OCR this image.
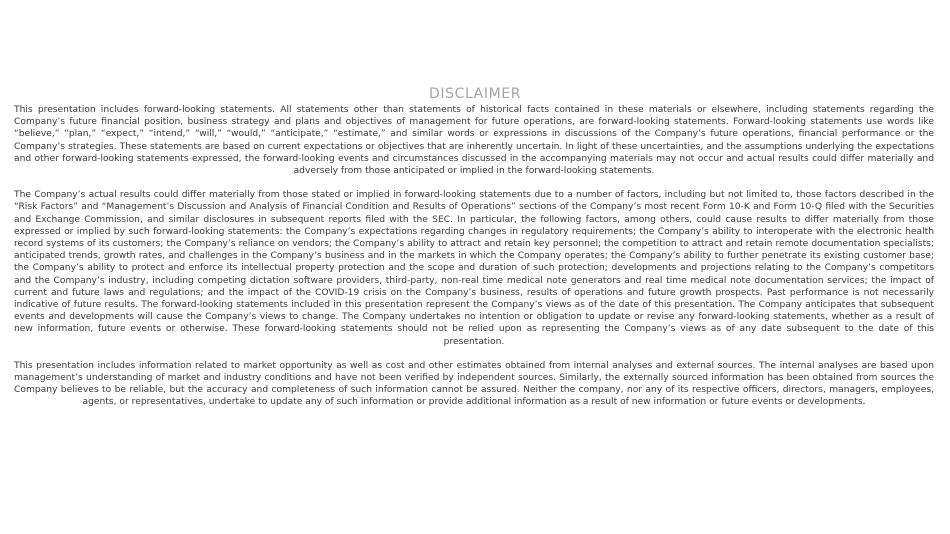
DISCLAIMER

This presentation includes forward-looking statements. All statements other than statements of historical facts contained in these materials or elsewhere, including statements regarding the Company’s future financial position, business strategy and plans and objectives of management for future operations, are forward-looking statements. Forward-looking statements use words like “believe,” “plan,” “expect,” “intend,” “will,” “would,” “anticipate,” “estimate,” and similar words or expressions in discussions of the Company’s future operations, financial performance or the Company’s strategies. These statements are based on current expectations or objectives that are inherently uncertain. In light of these uncertainties, and the assumptions underlying the expectations and other forward-looking statements expressed, the forward-looking events and circumstances discussed in the accompanying materials may not occur and actual results could differ materially and adversely from those anticipated or implied in the forward-looking statements.

The Company’s actual results could differ materially from those stated or implied in forward-looking statements due to a number of factors, including but not limited to, those factors described in the “Risk Factors” and “Management’s Discussion and Analysis of Financial Condition and Results of Operations” sections of the Company’s most recent Form 10-K and Form 10-Q filed with the Securities and Exchange Commission, and similar disclosures in subsequent reports filed with the SEC. In particular, the following factors, among others, could cause results to differ materially from those expressed or implied by such forward-looking statements: the Company’s expectations regarding changes in regulatory requirements; the Company’s ability to interoperate with the electronic health record systems of its customers; the Company’s reliance on vendors; the Company’s ability to attract and retain key personnel; the competition to attract and retain remote documentation specialists; anticipated trends, growth rates, and challenges in the Company’s business and in the markets in which the Company operates; the Company’s ability to further penetrate its existing customer base; the Company’s ability to protect and enforce its intellectual property protection and the scope and duration of such protection; developments and projections relating to the Company’s competitors and the Company’s industry, including competing dictation software providers, third-party, non-real time medical note generators and real time medical note documentation services; the impact of current and future laws and regulations; and the impact of the COVID-19 crisis on the Company’s business, results of operations and future growth prospects. Past performance is not necessarily indicative of future results. The forward-looking statements included in this presentation represent the Company’s views as of the date of this presentation. The Company anticipates that subsequent events and developments will cause the Company’s views to change. The Company undertakes no intention or obligation to update or revise any forward-looking statements, whether as a result of new information, future events or otherwise. These forward-looking statements should not be relied upon as representing the Company’s views as of any date subsequent to the date of this presentation.

This presentation includes information related to market opportunity as well as cost and other estimates obtained from internal analyses and external sources. The internal analyses are based upon management’s understanding of market and industry conditions and have not been verified by independent sources. Similarly, the externally sourced information has been obtained from sources the Company believes to be reliable, but the accuracy and completeness of such information cannot be assured. Neither the company, nor any of its respective officers, directors, managers, employees, agents, or representatives, undertake to update any of such information or provide additional information as a result of new information or future events or developments.
